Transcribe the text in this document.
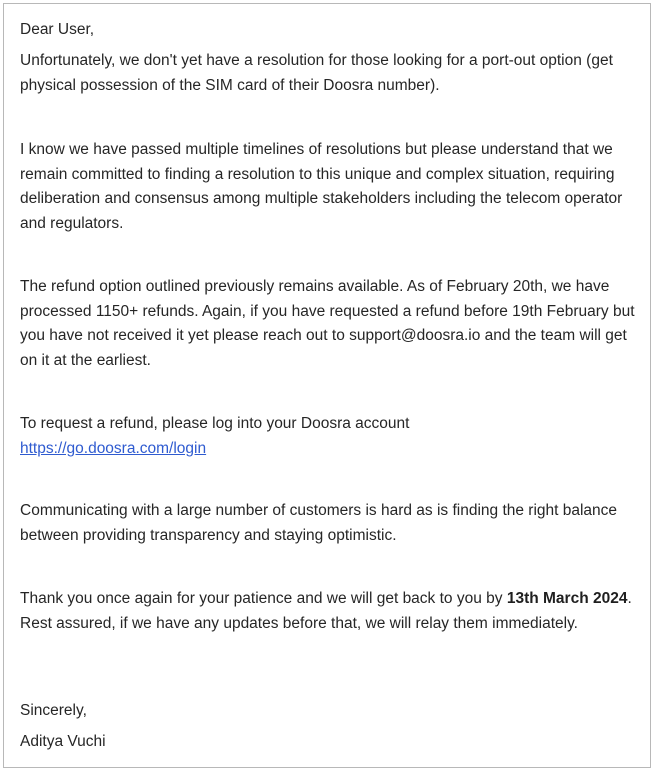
Dear User,

Unfortunately, we don't yet have a resolution for those looking for a port-out option (get physical possession of the SIM card of their Doosra number).

I know we have passed multiple timelines of resolutions but please understand that we remain committed to finding a resolution to this unique and complex situation, requiring deliberation and consensus among multiple stakeholders including the telecom operator and regulators.

The refund option outlined previously remains available. As of February 20th, we have processed 1150+ refunds. Again, if you have requested a refund before 19th February but you have not received it yet please reach out to support@doosra.io and the team will get on it at the earliest.

To request a refund, please log into your Doosra account
https://go.doosra.com/login

Communicating with a large number of customers is hard as is finding the right balance between providing transparency and staying optimistic.

Thank you once again for your patience and we will get back to you by 13th March 2024. Rest assured, if we have any updates before that, we will relay them immediately.

Sincerely,

Aditya Vuchi
